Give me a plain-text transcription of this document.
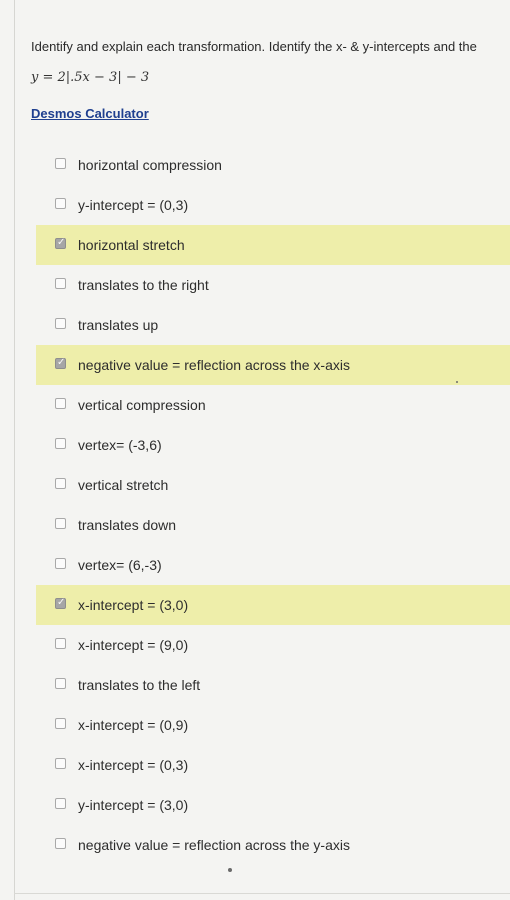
Identify and explain each transformation. Identify the x- & y-intercepts and the
y = 2|.5x − 3| − 3
Desmos Calculator
horizontal compression
y-intercept = (0,3)
✓ horizontal stretch
translates to the right
translates up
✓ negative value = reflection across the x-axis
vertical compression
vertex= (-3,6)
vertical stretch
translates down
vertex= (6,-3)
✓ x-intercept = (3,0)
x-intercept = (9,0)
translates to the left
x-intercept = (0,9)
x-intercept = (0,3)
y-intercept = (3,0)
negative value = reflection across the y-axis
